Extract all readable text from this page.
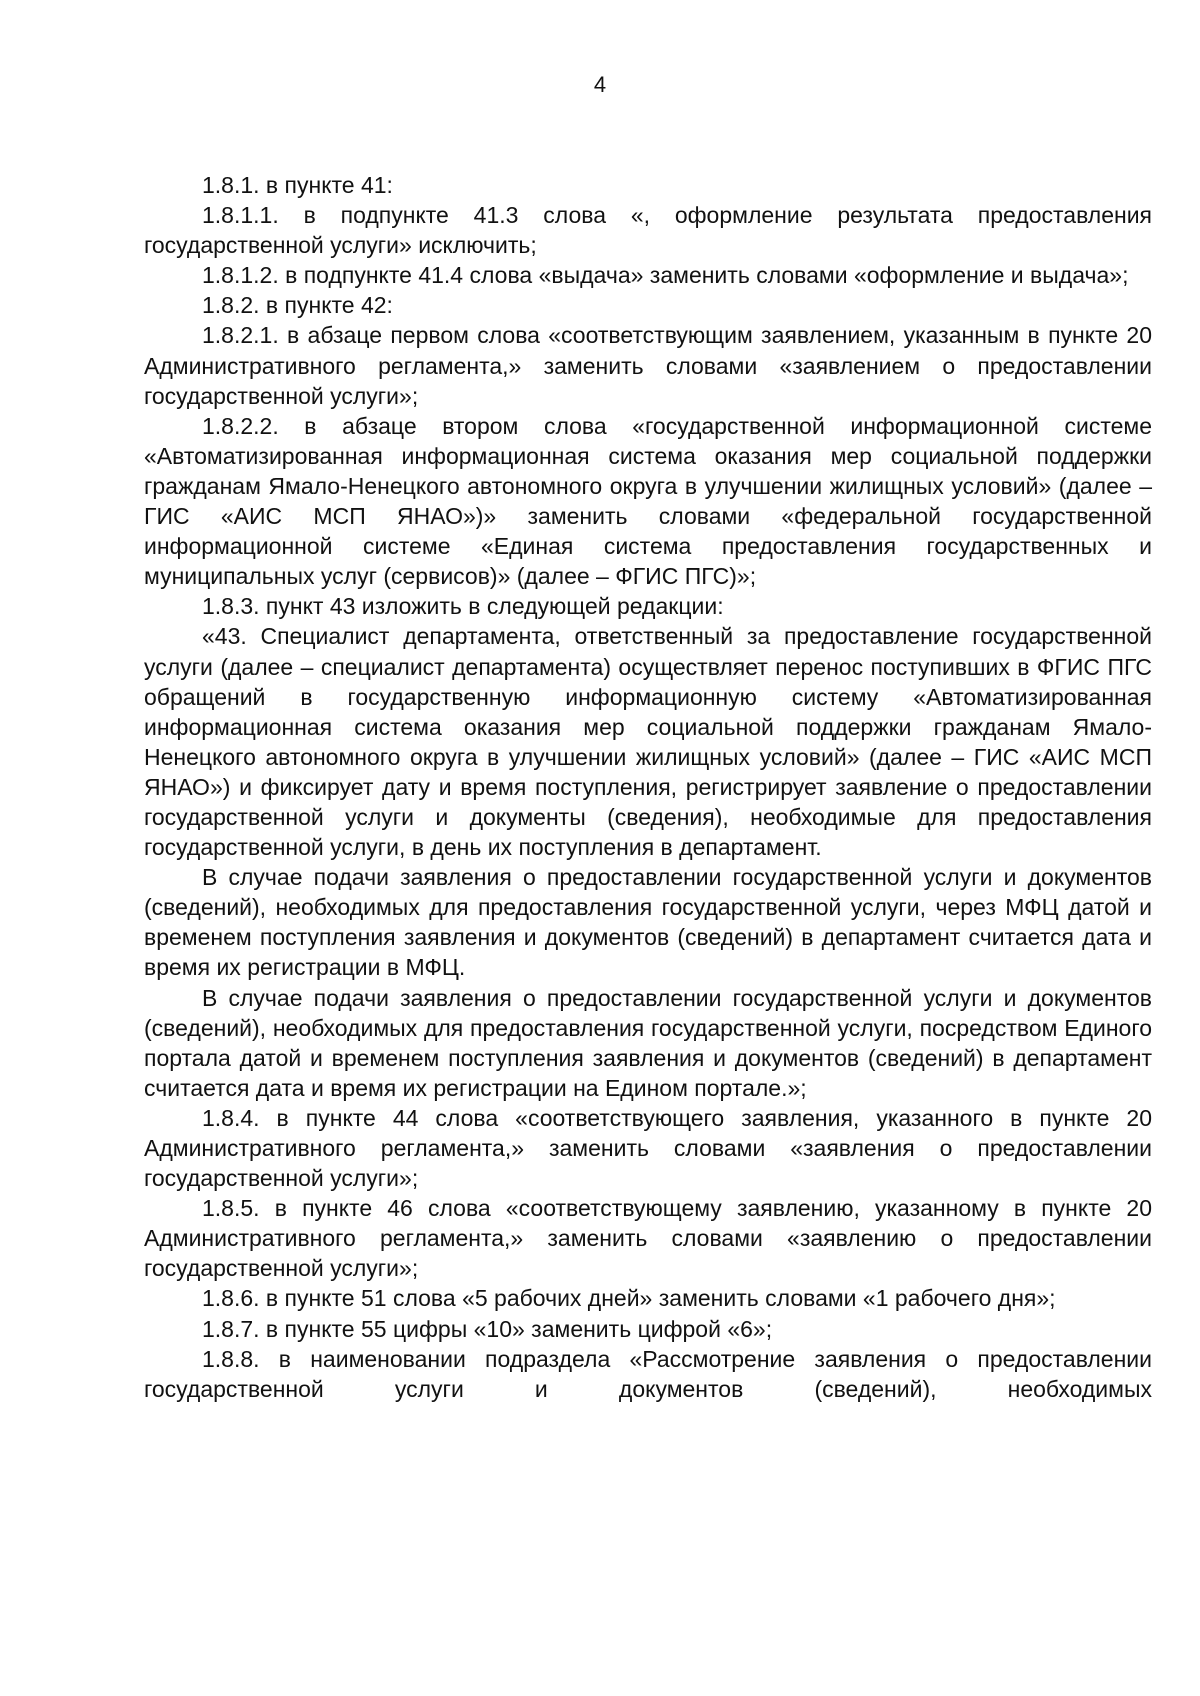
4

1.8.1. в пункте 41:

1.8.1.1. в подпункте 41.3 слова «, оформление результата предоставления государственной услуги» исключить;

1.8.1.2. в подпункте 41.4 слова «выдача» заменить словами «оформление и выдача»;

1.8.2. в пункте 42:

1.8.2.1. в абзаце первом слова «соответствующим заявлением, указанным в пункте 20 Административного регламента,» заменить словами «заявлением о предоставлении государственной услуги»;

1.8.2.2. в абзаце втором слова «государственной информационной системе «Автоматизированная информационная система оказания мер социальной поддержки гражданам Ямало-Ненецкого автономного округа в улучшении жилищных условий» (далее – ГИС «АИС МСП ЯНАО»)» заменить словами «федеральной государственной информационной системе «Единая система предоставления государственных и муниципальных услуг (сервисов)» (далее – ФГИС ПГС)»;

1.8.3. пункт 43 изложить в следующей редакции:

«43. Специалист департамента, ответственный за предоставление государственной услуги (далее – специалист департамента) осуществляет перенос поступивших в ФГИС ПГС обращений в государственную информационную систему «Автоматизированная информационная система оказания мер социальной поддержки гражданам Ямало-Ненецкого автономного округа в улучшении жилищных условий» (далее – ГИС «АИС МСП ЯНАО») и фиксирует дату и время поступления, регистрирует заявление о предоставлении государственной услуги и документы (сведения), необходимые для предоставления государственной услуги, в день их поступления в департамент.

В случае подачи заявления о предоставлении государственной услуги и документов (сведений), необходимых для предоставления государственной услуги, через МФЦ датой и временем поступления заявления и документов (сведений) в департамент считается дата и время их регистрации в МФЦ.

В случае подачи заявления о предоставлении государственной услуги и документов (сведений), необходимых для предоставления государственной услуги, посредством Единого портала датой и временем поступления заявления и документов (сведений) в департамент считается дата и время их регистрации на Едином портале.»;

1.8.4. в пункте 44 слова «соответствующего заявления, указанного в пункте 20 Административного регламента,» заменить словами «заявления о предоставлении государственной услуги»;

1.8.5. в пункте 46 слова «соответствующему заявлению, указанному в пункте 20 Административного регламента,» заменить словами «заявлению о предоставлении государственной услуги»;

1.8.6. в пункте 51 слова «5 рабочих дней» заменить словами «1 рабочего дня»;

1.8.7. в пункте 55 цифры «10» заменить цифрой «6»;

1.8.8. в наименовании подраздела «Рассмотрение заявления о предоставлении государственной услуги и документов (сведений), необходимых
